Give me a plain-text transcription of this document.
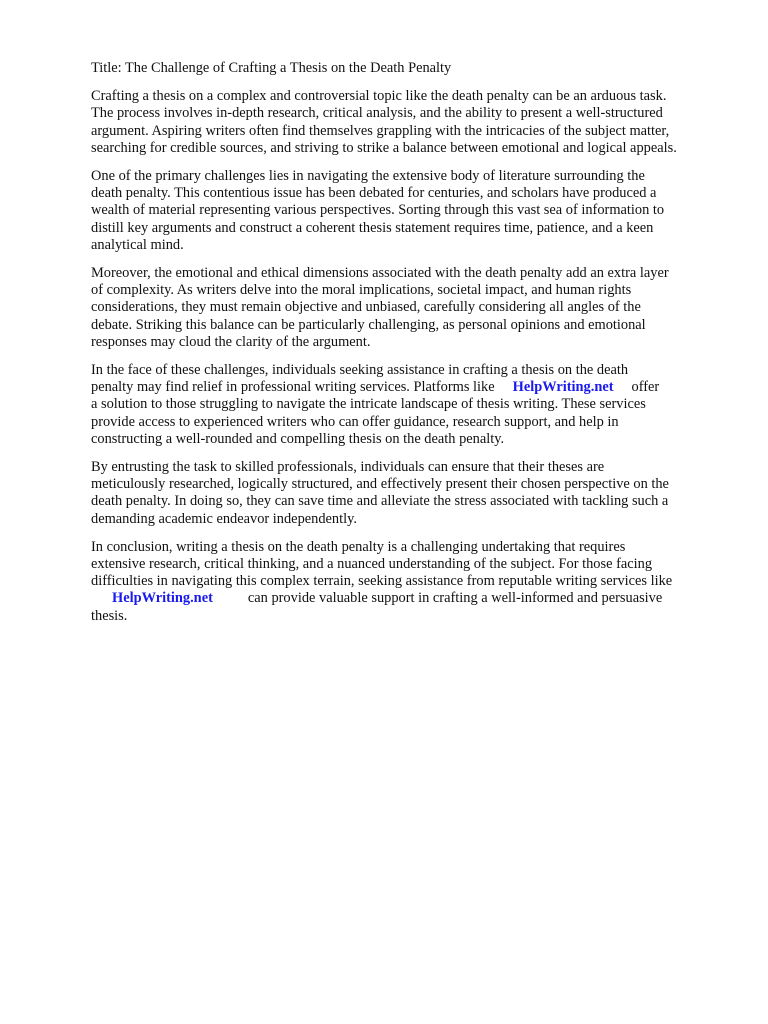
Title: The Challenge of Crafting a Thesis on the Death Penalty

Crafting a thesis on a complex and controversial topic like the death penalty can be an arduous task.
The process involves in-depth research, critical analysis, and the ability to present a well-structured
argument. Aspiring writers often find themselves grappling with the intricacies of the subject matter,
searching for credible sources, and striving to strike a balance between emotional and logical appeals.
One of the primary challenges lies in navigating the extensive body of literature surrounding the
death penalty. This contentious issue has been debated for centuries, and scholars have produced a
wealth of material representing various perspectives. Sorting through this vast sea of information to
distill key arguments and construct a coherent thesis statement requires time, patience, and a keen
analytical mind.
Moreover, the emotional and ethical dimensions associated with the death penalty add an extra layer
of complexity. As writers delve into the moral implications, societal impact, and human rights
considerations, they must remain objective and unbiased, carefully considering all angles of the
debate. Striking this balance can be particularly challenging, as personal opinions and emotional
responses may cloud the clarity of the argument.
In the face of these challenges, individuals seeking assistance in crafting a thesis on the death
penalty may find relief in professional writing services. Platforms like HelpWriting.net offer
a solution to those struggling to navigate the intricate landscape of thesis writing. These services
provide access to experienced writers who can offer guidance, research support, and help in
constructing a well-rounded and compelling thesis on the death penalty.
By entrusting the task to skilled professionals, individuals can ensure that their theses are
meticulously researched, logically structured, and effectively present their chosen perspective on the
death penalty. In doing so, they can save time and alleviate the stress associated with tackling such a
demanding academic endeavor independently.
In conclusion, writing a thesis on the death penalty is a challenging undertaking that requires
extensive research, critical thinking, and a nuanced understanding of the subject. For those facing
difficulties in navigating this complex terrain, seeking assistance from reputable writing services like
HelpWriting.net can provide valuable support in crafting a well-informed and persuasive
thesis.
